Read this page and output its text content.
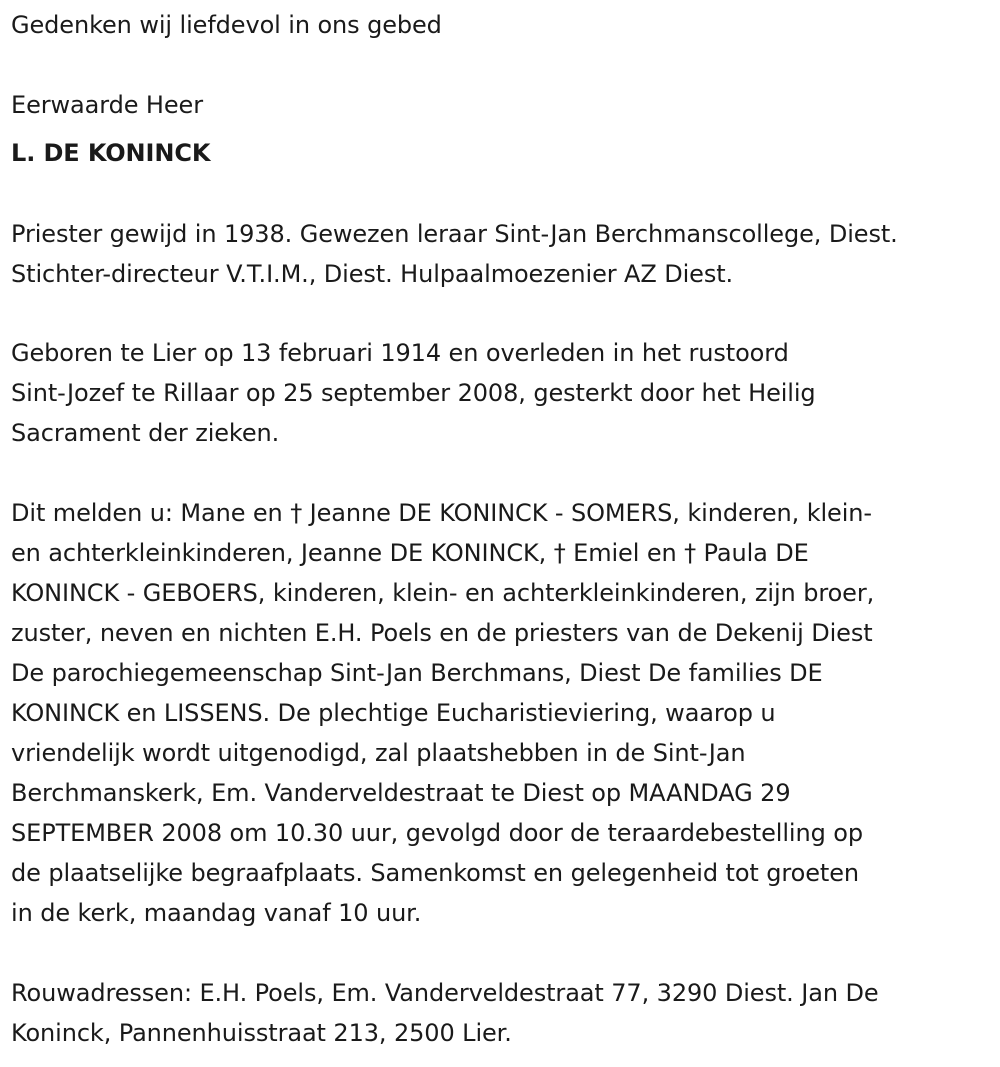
Gedenken wij liefdevol in ons gebed
Eerwaarde Heer
L. DE KONINCK
Priester gewijd in 1938. Gewezen leraar Sint-Jan Berchmanscollege, Diest.
Stichter-directeur V.T.I.M., Diest. Hulpaalmoezenier AZ Diest.
Geboren te Lier op 13 februari 1914 en overleden in het rustoord
Sint-Jozef te Rillaar op 25 september 2008, gesterkt door het Heilig
Sacrament der zieken.
Dit melden u: Mane en † Jeanne DE KONINCK - SOMERS, kinderen, klein-
en achterkleinkinderen, Jeanne DE KONINCK, † Emiel en † Paula DE
KONINCK - GEBOERS, kinderen, klein- en achterkleinkinderen, zijn broer,
zuster, neven en nichten E.H. Poels en de priesters van de Dekenij Diest
De parochiegemeenschap Sint-Jan Berchmans, Diest De families DE
KONINCK en LISSENS. De plechtige Eucharistieviering, waarop u
vriendelijk wordt uitgenodigd, zal plaatshebben in de Sint-Jan
Berchmanskerk, Em. Vanderveldestraat te Diest op MAANDAG 29
SEPTEMBER 2008 om 10.30 uur, gevolgd door de teraardebestelling op
de plaatselijke begraafplaats. Samenkomst en gelegenheid tot groeten
in de kerk, maandag vanaf 10 uur.
Rouwadressen: E.H. Poels, Em. Vanderveldestraat 77, 3290 Diest. Jan De
Koninck, Pannenhuisstraat 213, 2500 Lier.
